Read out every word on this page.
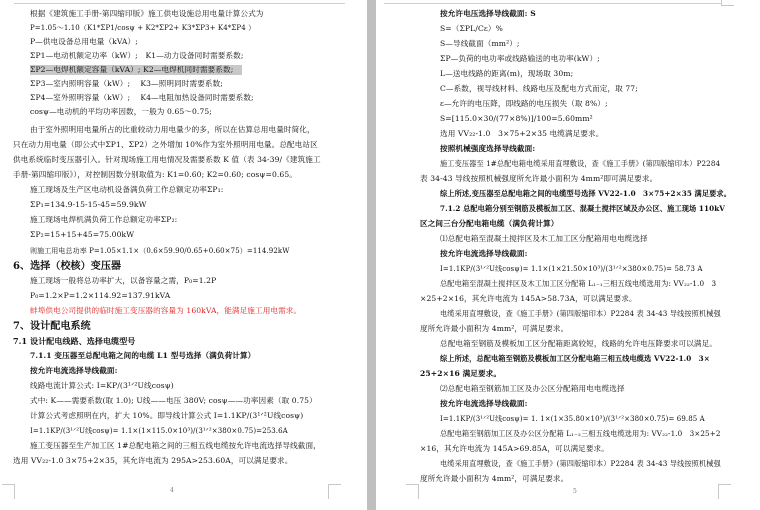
根据《建筑施工手册-第四缩印版》施工供电设施总用电量计算公式为
P=1.05～1.10（K1*ΣP1/cosψ + K2*ΣP2+ K3*ΣP3+ K4*ΣP4 ）
P—供电设备总用电量（kVA）;
ΣP1—电动机额定功率（kW）;　K1—动力设备同时需要系数;
ΣP2—电焊机额定容量（kVA）; K2—电焊机同时需要系数;
ΣP3—室内照明容量（kW）;　 K3—照明同时需要系数;
ΣP4—室外照明容量（kW）;　 K4—电阻加热设备同时需要系数;
cosψ—电动机的平均功率因数，一般为 0.65～0.75;
由于室外照明用电量所占的比重较动力用电量少的多，所以在估算总用电量时简化，
只在动力用电量（即公式中ΣP1、ΣP2）之外增加 10%作为室外照明用电量。总配电站区
供电系统临时变压器引入。针对现场施工用电情况及需要系数 K 值（表 34-39/《建筑施工
手册-第四缩印版》），对控制因数分别取值为: K1=0.60; K2=0.60; cosψ=0.65。
施工现场及生产区电动机设备满负荷工作总额定功率ΣP₁:
ΣP₁=134.9-15-15-45=59.9kW
施工现场电焊机满负荷工作总额定功率ΣP₂:
ΣP₂=15+15+45=75.00kW
则施工用电总功率 P=1.05×1.1×（0.6×59.90/0.65+0.60×75）=114.92kW
6、选择（校核）变压器
施工现场一般将总功率扩大，以备容量之需，P₀=1.2P
P₀=1.2×P=1.2×114.92=137.91kVA
蚌埠供电公司提供的临时施工变压器的容量为 160kVA，能满足施工用电需求。
7、设计配电系统
7.1 设计配电线路、选择电缆型号
7.1.1 变压器至总配电箱之间的电缆 L1 型号选择（满负荷计算）
按允许电流选择导线截面:
线路电流计算公式: I=KP/(3¹ᐟ²U线cosψ)
式中: K——需要系数(取 1.0); U线——电压 380V; cosψ——功率因素（取 0.75）
计算公式考虑照明在内，扩大 10%。即导线计算公式 I=1.1KP/(3¹ᐟ²U线cosψ)
I=1.1KP/(3¹ᐟ²U线cosψ)= 1.1×(1×115.0×10³)/(3¹ᐟ²×380×0.75)=253.6A
施工变压器至生产加工区 1#总配电箱之间的三相五线电缆按允许电流选择导线截面，
选用 VV₂₂-1.0 3×75+2×35，其允许电流为 295A>253.60A，可以满足要求。
4
按允许电压选择导线截面: S
S=（ΣPL/Cε）%
S—导线截面（mm²）;
ΣP—负荷的电功率或线路输送的电功率(kW）;
L—送电线路的距离(m)，现场取 30m;
C—系数，视导线材料、线路电压及配电方式而定，取 77;
ε—允许的电压降，即线路的电压损失（取 8%）;
S=[115.0×30/(77×8%)]/100=5.60mm²
选用 VV₂₂-1.0　3×75+2×35 电缆满足要求。
按照机械强度选择导线截面:
施工变压器至 1#总配电箱电缆采用直埋敷设，查《施工手册》(第四版缩印本）P2284
表 34-43 导线按照机械强度所允许最小面积为 4mm²即可满足要求。
综上所述,变压器至总配电箱之间的电缆型号选择 VV22-1.0　3×75+2×35 满足要求。
7.1.2 总配电箱分别至钢筋及模板加工区、混凝土搅拌区域及办公区、施工现场 110kV
区之间三台分配电箱电缆（满负荷计算）
⑴总配电箱至混凝土搅拌区及木工加工区分配箱用电电缆选择
按允许电流选择导线截面:
I=1.1KP/(3¹ᐟ²U线cosψ)= 1.1×(1×21.50×10³)/(3¹ᐟ²×380×0.75)= 58.73 A
总配电箱至混凝土搅拌区及木工加工区分配箱 L₁₋₁三相五线电缆选用为: VV₂₂-1.0　3
×25+2×16，其允许电流为 145A>58.73A，可以满足要求。
电缆采用直埋敷设，查《施工手册》(第四版缩印本）P2284 表 34-43 导线按照机械强
度所允许最小面积为 4mm²，可满足要求。
总配电箱至钢筋及模板加工区分配箱距离较短，线路的允许电压降要求可以满足。
综上所述，总配电箱至钢筋及模板加工区分配电箱三相五线电缆选 VV22-1.0　3×
25+2×16 满足要求。
⑵总配电箱至钢筋加工区及办公区分配箱用电电缆选择
按允许电流选择导线截面:
I=1.1KP/(3¹ᐟ²U线cosψ)= 1. 1×(1×35.80×10³)/(3¹ᐟ²×380×0.75)= 69.85 A
总配电箱至钢筋加工区及办公区分配箱 L₁₋₂三相五线电缆选用为: VV₂₂-1.0　3×25+2
×16，其允许电流为 145A>69.85A，可以满足要求。
电缆采用直埋敷设，查《施工手册》(第四版缩印本）P2284 表 34-43 导线按照机械强
度所允许最小面积为 4mm²，可满足要求。
5
